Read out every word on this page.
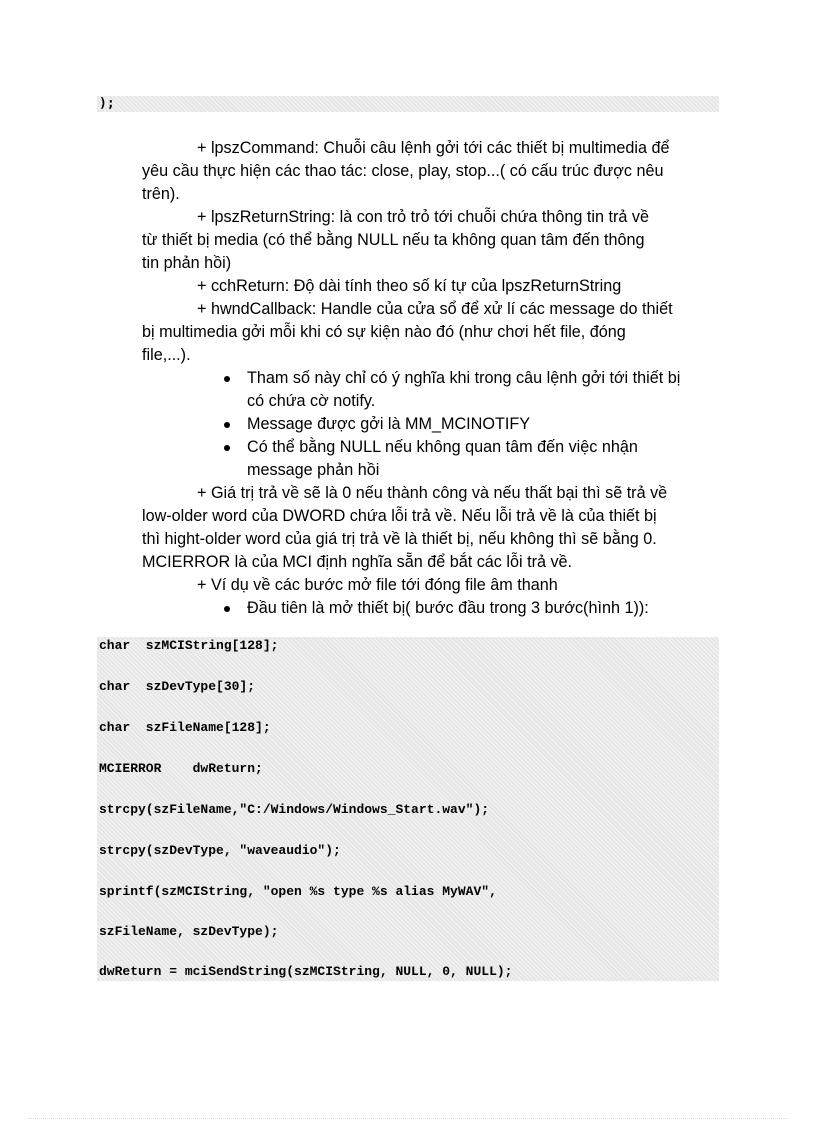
);
+ lpszCommand: Chuỗi câu lệnh gởi tới các thiết bị multimedia để
yêu cầu thực hiện các thao tác: close, play, stop...( có cấu trúc được nêu
trên).
+ lpszReturnString: là con trỏ trỏ tới chuỗi chứa thông tin trả về
từ thiết bị media (có thể bằng NULL nếu ta không quan tâm đến thông
tin phản hồi)
+ cchReturn: Độ dài tính theo số kí tự của lpszReturnString
+ hwndCallback: Handle của cửa sổ để xử lí các message do thiết
bị multimedia gởi mỗi khi có sự kiện nào đó (như chơi hết file, đóng
file,...).
Tham số này chỉ có ý nghĩa khi trong câu lệnh gởi tới thiết bị
có chứa cờ notify.
Message được gởi là MM_MCINOTIFY
Có thể bằng NULL nếu không quan tâm đến việc nhận
message phản hồi
+ Giá trị trả về sẽ là 0 nếu thành công và nếu thất bại thì sẽ trả về
low-older word của DWORD chứa lỗi trả về. Nếu lỗi trả về là của thiết bị
thì hight-older word của giá trị trả về là thiết bị, nếu không thì sẽ bằng 0.
MCIERROR là của MCI định nghĩa sẵn để bắt các lỗi trả về.
+ Ví dụ về các bước mở file tới đóng file âm thanh
Đầu tiên là mở thiết bị( bước đầu trong 3 bước(hình 1)):
char  szMCIString[128];
char  szDevType[30];
char  szFileName[128];
MCIERROR    dwReturn;
strcpy(szFileName,"C:/Windows/Windows_Start.wav");
strcpy(szDevType, "waveaudio");
sprintf(szMCIString, "open %s type %s alias MyWAV",
szFileName, szDevType);
dwReturn = mciSendString(szMCIString, NULL, 0, NULL);
